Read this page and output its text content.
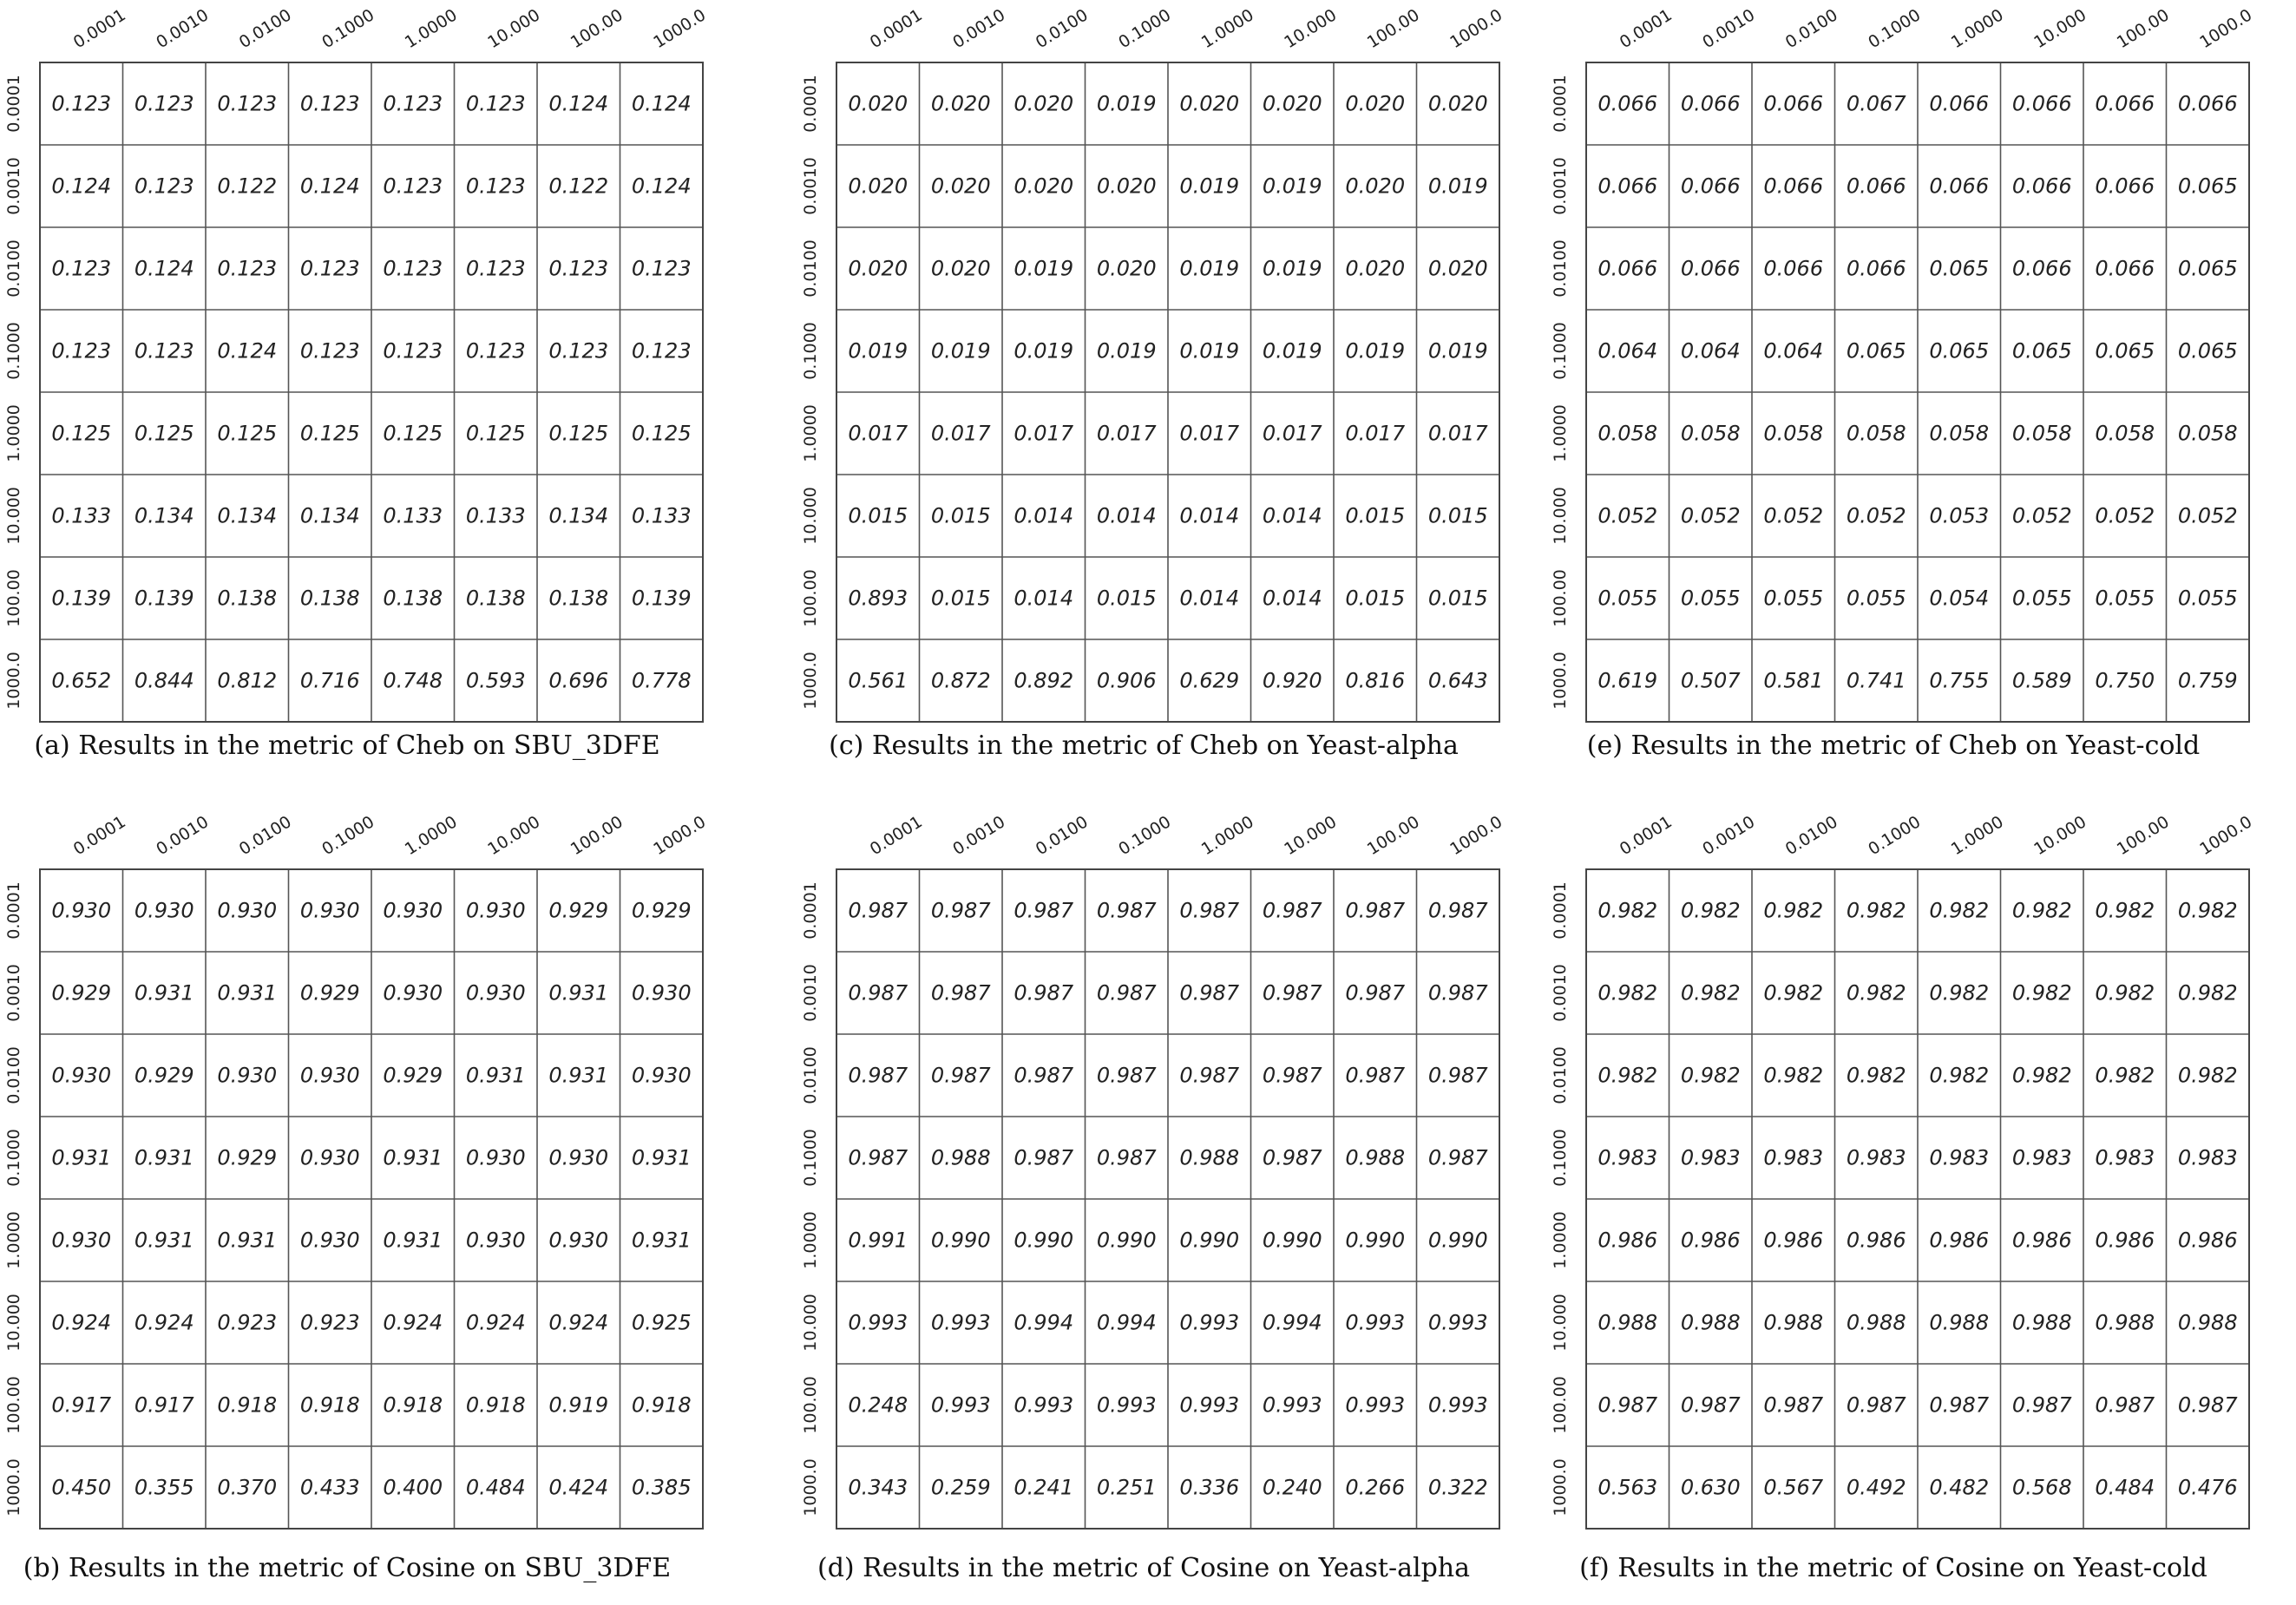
0.0001 0.0010 0.0100 0.1000 1.0000 10.000 100.00 1000.0
0.0001
0.0010
0.0100
0.1000
1.0000
10.000
100.00
1000.0
0.123 0.123 0.123 0.123 0.123 0.123 0.124 0.124
0.124 0.123 0.122 0.124 0.123 0.123 0.122 0.124
0.123 0.124 0.123 0.123 0.123 0.123 0.123 0.123
0.123 0.123 0.124 0.123 0.123 0.123 0.123 0.123
0.125 0.125 0.125 0.125 0.125 0.125 0.125 0.125
0.133 0.134 0.134 0.134 0.133 0.133 0.134 0.133
0.139 0.139 0.138 0.138 0.138 0.138 0.138 0.139
0.652 0.844 0.812 0.716 0.748 0.593 0.696 0.778
(a) Results in the metric of Cheb on SBU_3DFE
0.0001 0.0010 0.0100 0.1000 1.0000 10.000 100.00 1000.0
0.0001
0.0010
0.0100
0.1000
1.0000
10.000
100.00
1000.0
0.020 0.020 0.020 0.019 0.020 0.020 0.020 0.020
0.020 0.020 0.020 0.020 0.019 0.019 0.020 0.019
0.020 0.020 0.019 0.020 0.019 0.019 0.020 0.020
0.019 0.019 0.019 0.019 0.019 0.019 0.019 0.019
0.017 0.017 0.017 0.017 0.017 0.017 0.017 0.017
0.015 0.015 0.014 0.014 0.014 0.014 0.015 0.015
0.893 0.015 0.014 0.015 0.014 0.014 0.015 0.015
0.561 0.872 0.892 0.906 0.629 0.920 0.816 0.643
(c) Results in the metric of Cheb on Yeast-alpha
0.0001 0.0010 0.0100 0.1000 1.0000 10.000 100.00 1000.0
0.0001
0.0010
0.0100
0.1000
1.0000
10.000
100.00
1000.0
0.066 0.066 0.066 0.067 0.066 0.066 0.066 0.066
0.066 0.066 0.066 0.066 0.066 0.066 0.066 0.065
0.066 0.066 0.066 0.066 0.065 0.066 0.066 0.065
0.064 0.064 0.064 0.065 0.065 0.065 0.065 0.065
0.058 0.058 0.058 0.058 0.058 0.058 0.058 0.058
0.052 0.052 0.052 0.052 0.053 0.052 0.052 0.052
0.055 0.055 0.055 0.055 0.054 0.055 0.055 0.055
0.619 0.507 0.581 0.741 0.755 0.589 0.750 0.759
(e) Results in the metric of Cheb on Yeast-cold
0.0001 0.0010 0.0100 0.1000 1.0000 10.000 100.00 1000.0
0.0001
0.0010
0.0100
0.1000
1.0000
10.000
100.00
1000.0
0.930 0.930 0.930 0.930 0.930 0.930 0.929 0.929
0.929 0.931 0.931 0.929 0.930 0.930 0.931 0.930
0.930 0.929 0.930 0.930 0.929 0.931 0.931 0.930
0.931 0.931 0.929 0.930 0.931 0.930 0.930 0.931
0.930 0.931 0.931 0.930 0.931 0.930 0.930 0.931
0.924 0.924 0.923 0.923 0.924 0.924 0.924 0.925
0.917 0.917 0.918 0.918 0.918 0.918 0.919 0.918
0.450 0.355 0.370 0.433 0.400 0.484 0.424 0.385
(b) Results in the metric of Cosine on SBU_3DFE
0.0001 0.0010 0.0100 0.1000 1.0000 10.000 100.00 1000.0
0.0001
0.0010
0.0100
0.1000
1.0000
10.000
100.00
1000.0
0.987 0.987 0.987 0.987 0.987 0.987 0.987 0.987
0.987 0.987 0.987 0.987 0.987 0.987 0.987 0.987
0.987 0.987 0.987 0.987 0.987 0.987 0.987 0.987
0.987 0.988 0.987 0.987 0.988 0.987 0.988 0.987
0.991 0.990 0.990 0.990 0.990 0.990 0.990 0.990
0.993 0.993 0.994 0.994 0.993 0.994 0.993 0.993
0.248 0.993 0.993 0.993 0.993 0.993 0.993 0.993
0.343 0.259 0.241 0.251 0.336 0.240 0.266 0.322
(d) Results in the metric of Cosine on Yeast-alpha
0.0001 0.0010 0.0100 0.1000 1.0000 10.000 100.00 1000.0
0.0001
0.0010
0.0100
0.1000
1.0000
10.000
100.00
1000.0
0.982 0.982 0.982 0.982 0.982 0.982 0.982 0.982
0.982 0.982 0.982 0.982 0.982 0.982 0.982 0.982
0.982 0.982 0.982 0.982 0.982 0.982 0.982 0.982
0.983 0.983 0.983 0.983 0.983 0.983 0.983 0.983
0.986 0.986 0.986 0.986 0.986 0.986 0.986 0.986
0.988 0.988 0.988 0.988 0.988 0.988 0.988 0.988
0.987 0.987 0.987 0.987 0.987 0.987 0.987 0.987
0.563 0.630 0.567 0.492 0.482 0.568 0.484 0.476
(f) Results in the metric of Cosine on Yeast-cold
